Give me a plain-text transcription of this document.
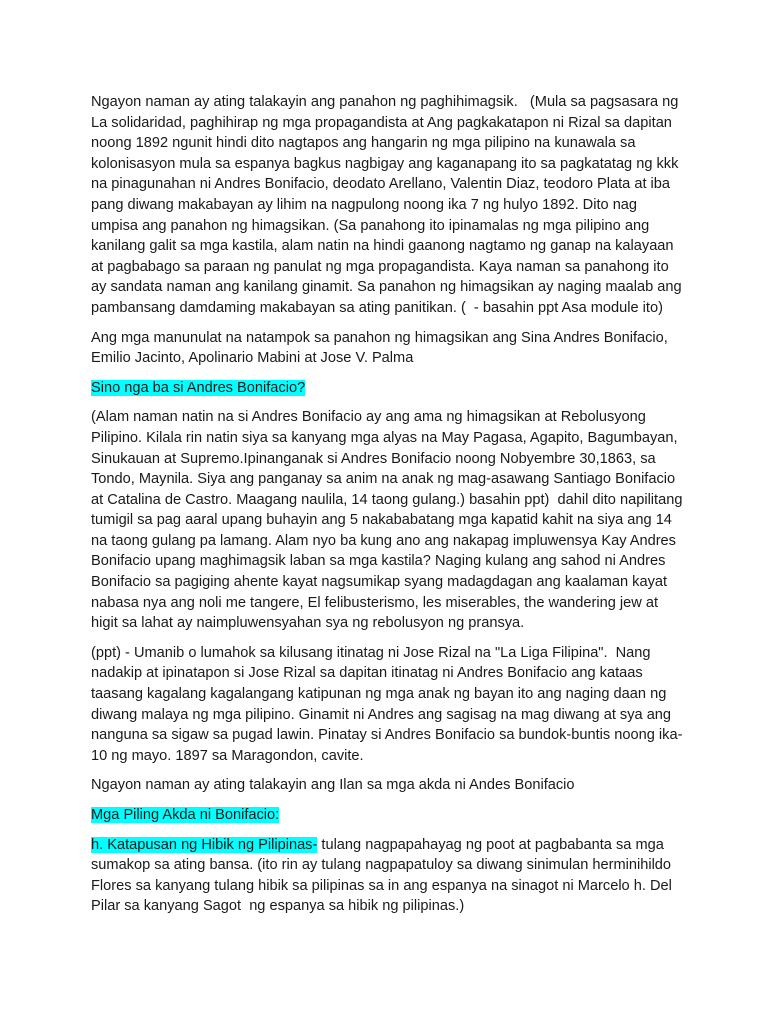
Ngayon naman ay ating talakayin ang panahon ng paghihimagsik.   (Mula sa pagsasara ng La solidaridad, paghihirap ng mga propagandista at Ang pagkakatapon ni Rizal sa dapitan noong 1892 ngunit hindi dito nagtapos ang hangarin ng mga pilipino na kunawala sa kolonisasyon mula sa espanya bagkus nagbigay ang kaganapang ito sa pagkatatag ng kkk na pinagunahan ni Andres Bonifacio, deodato Arellano, Valentin Diaz, teodoro Plata at iba pang diwang makabayan ay lihim na nagpulong noong ika 7 ng hulyo 1892. Dito nag umpisa ang panahon ng himagsikan. (Sa panahong ito ipinamalas ng mga pilipino ang kanilang galit sa mga kastila, alam natin na hindi gaanong nagtamo ng ganap na kalayaan at pagbabago sa paraan ng panulat ng mga propagandista. Kaya naman sa panahong ito ay sandata naman ang kanilang ginamit. Sa panahon ng himagsikan ay naging maalab ang pambansang damdaming makabayan sa ating panitikan. (  - basahin ppt Asa module ito)

Ang mga manunulat na natampok sa panahon ng himagsikan ang Sina Andres Bonifacio, Emilio Jacinto, Apolinario Mabini at Jose V. Palma

Sino nga ba si Andres Bonifacio?

(Alam naman natin na si Andres Bonifacio ay ang ama ng himagsikan at Rebolusyong Pilipino. Kilala rin natin siya sa kanyang mga alyas na May Pagasa, Agapito, Bagumbayan, Sinukauan at Supremo.Ipinanganak si Andres Bonifacio noong Nobyembre 30,1863, sa Tondo, Maynila. Siya ang panganay sa anim na anak ng mag-asawang Santiago Bonifacio at Catalina de Castro. Maagang naulila, 14 taong gulang.) basahin ppt)  dahil dito napilitang tumigil sa pag aaral upang buhayin ang 5 nakababatang mga kapatid kahit na siya ang 14 na taong gulang pa lamang. Alam nyo ba kung ano ang nakapag impluwensya Kay Andres Bonifacio upang maghimagsik laban sa mga kastila? Naging kulang ang sahod ni Andres Bonifacio sa pagiging ahente kayat nagsumikap syang madagdagan ang kaalaman kayat nabasa nya ang noli me tangere, El felibusterismo, les miserables, the wandering jew at higit sa lahat ay naimpluwensyahan sya ng rebolusyon ng pransya.

(ppt) - Umanib o lumahok sa kilusang itinatag ni Jose Rizal na "La Liga Filipina".  Nang nadakip at ipinatapon si Jose Rizal sa dapitan itinatag ni Andres Bonifacio ang kataas taasang kagalang kagalangang katipunan ng mga anak ng bayan ito ang naging daan ng diwang malaya ng mga pilipino. Ginamit ni Andres ang sagisag na mag diwang at sya ang nanguna sa sigaw sa pugad lawin. Pinatay si Andres Bonifacio sa bundok-buntis noong ika-10 ng mayo. 1897 sa Maragondon, cavite.

Ngayon naman ay ating talakayin ang Ilan sa mga akda ni Andes Bonifacio

Mga Piling Akda ni Bonifacio:

h. Katapusan ng Hibik ng Pilipinas- tulang nagpapahayag ng poot at pagbabanta sa mga sumakop sa ating bansa. (ito rin ay tulang nagpapatuloy sa diwang sinimulan herminihildo Flores sa kanyang tulang hibik sa pilipinas sa in ang espanya na sinagot ni Marcelo h. Del Pilar sa kanyang Sagot  ng espanya sa hibik ng pilipinas.)
